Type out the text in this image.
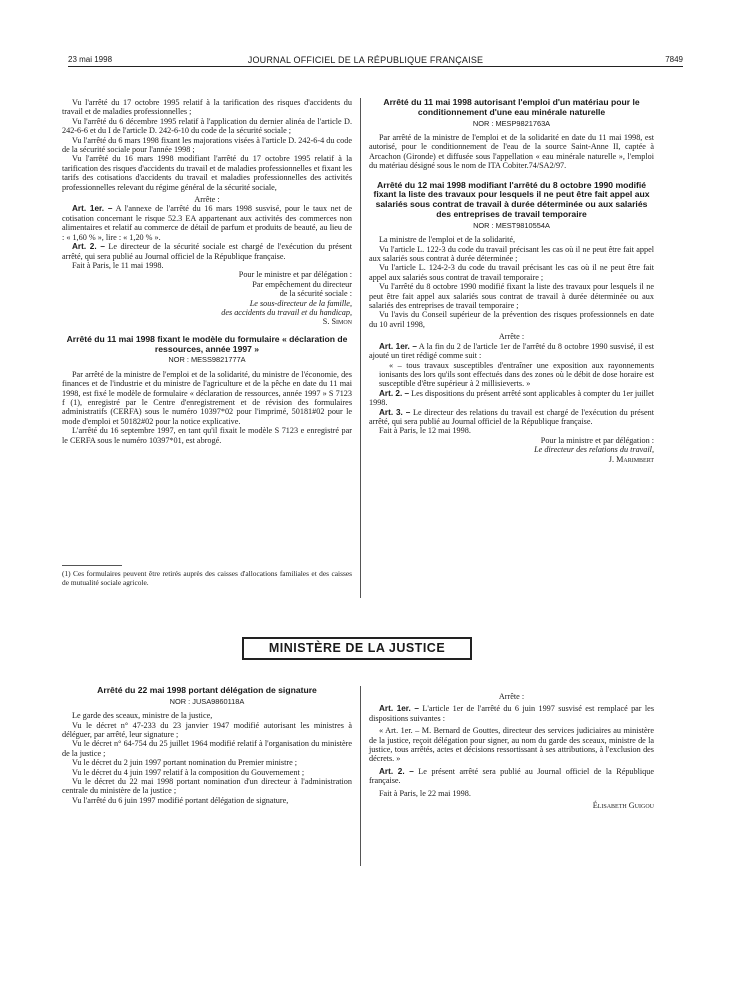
23 mai 1998	JOURNAL OFFICIEL DE LA RÉPUBLIQUE FRANÇAISE	7849

Vu l'arrêté du 17 octobre 1995 relatif à la tarification des risques d'accidents du travail et de maladies professionnelles ;

Vu l'arrêté du 6 décembre 1995 relatif à l'application du dernier alinéa de l'article D. 242-6-6 et du I de l'article D. 242-6-10 du code de la sécurité sociale ;

Vu l'arrêté du 6 mars 1998 fixant les majorations visées à l'article D. 242-6-4 du code de la sécurité sociale pour l'année 1998 ;

Vu l'arrêté du 16 mars 1998 modifiant l'arrêté du 17 octobre 1995 relatif à la tarification des risques d'accidents du travail et de maladies professionnelles et fixant les tarifs des cotisations d'accidents du travail et maladies professionnelles des activités professionnelles relevant du régime général de la sécurité sociale,

Arrête :

Art. 1er. – A l'annexe de l'arrêté du 16 mars 1998 susvisé, pour le taux net de cotisation concernant le risque 52.3 EA appartenant aux activités des commerces non alimentaires et relatif au commerce de détail de parfum et produits de beauté, au lieu de : « 1,60 % », lire : « 1,20 % ».

Art. 2. – Le directeur de la sécurité sociale est chargé de l'exécution du présent arrêté, qui sera publié au Journal officiel de la République française.

Fait à Paris, le 11 mai 1998.

Pour le ministre et par délégation :

Par empêchement du directeur

de la sécurité sociale :

Le sous-directeur de la famille,

des accidents du travail et du handicap,

S. Simon

Arrêté du 11 mai 1998 fixant le modèle du formulaire « déclaration de ressources, année 1997 »
NOR : MESS9821777A

Par arrêté de la ministre de l'emploi et de la solidarité, du ministre de l'économie, des finances et de l'industrie et du ministre de l'agriculture et de la pêche en date du 11 mai 1998, est fixé le modèle de formulaire « déclaration de ressources, année 1997 » S 7123 f (1), enregistré par le Centre d'enregistrement et de révision des formulaires administratifs (CERFA) sous le numéro 10397*02 pour l'imprimé, 50181#02 pour le mode d'emploi et 50182#02 pour la notice explicative.

L'arrêté du 16 septembre 1997, en tant qu'il fixait le modèle S 7123 e enregistré par le CERFA sous le numéro 10397*01, est abrogé.

(1) Ces formulaires peuvent être retirés auprès des caisses d'allocations familiales et des caisses de mutualité sociale agricole.
Arrêté du 11 mai 1998 autorisant l'emploi d'un matériau pour le conditionnement d'une eau minérale naturelle
NOR : MESP9821763A

Par arrêté de la ministre de l'emploi et de la solidarité en date du 11 mai 1998, est autorisé, pour le conditionnement de l'eau de la source Saint-Anne II, captée à Arcachon (Gironde) et diffusée sous l'appellation « eau minérale naturelle », l'emploi du matériau désigné sous le nom de ITA Cobiter.74/SA2/97.

Arrêté du 12 mai 1998 modifiant l'arrêté du 8 octobre 1990 modifié fixant la liste des travaux pour lesquels il ne peut être fait appel aux salariés sous contrat de travail à durée déterminée ou aux salariés des entreprises de travail temporaire
NOR : MEST9810554A

La ministre de l'emploi et de la solidarité,

Vu l'article L. 122-3 du code du travail précisant les cas où il ne peut être fait appel aux salariés sous contrat à durée déterminée ;

Vu l'article L. 124-2-3 du code du travail précisant les cas où il ne peut être fait appel aux salariés sous contrat de travail temporaire ;

Vu l'arrêté du 8 octobre 1990 modifié fixant la liste des travaux pour lesquels il ne peut être fait appel aux salariés sous contrat de travail à durée déterminée ou aux salariés des entreprises de travail temporaire ;

Vu l'avis du Conseil supérieur de la prévention des risques professionnels en date du 10 avril 1998,

Arrête :

Art. 1er. – A la fin du 2 de l'article 1er de l'arrêté du 8 octobre 1990 susvisé, il est ajouté un tiret rédigé comme suit :

« – tous travaux susceptibles d'entraîner une exposition aux rayonnements ionisants des lors qu'ils sont effectués dans des zones où le débit de dose horaire est susceptible d'être supérieur à 2 millisieverts. »

Art. 2. – Les dispositions du présent arrêté sont applicables à compter du 1er juillet 1998.

Art. 3. – Le directeur des relations du travail est chargé de l'exécution du présent arrêté, qui sera publié au Journal officiel de la République française.

Fait à Paris, le 12 mai 1998.

Pour la ministre et par délégation :

Le directeur des relations du travail,

J. Marimbert

MINISTÈRE DE LA JUSTICE
Arrêté du 22 mai 1998 portant délégation de signature
NOR : JUSA9860118A

Le garde des sceaux, ministre de la justice,

Vu le décret n° 47-233 du 23 janvier 1947 modifié autorisant les ministres à déléguer, par arrêté, leur signature ;

Vu le décret n° 64-754 du 25 juillet 1964 modifié relatif à l'organisation du ministère de la justice ;

Vu le décret du 2 juin 1997 portant nomination du Premier ministre ;

Vu le décret du 4 juin 1997 relatif à la composition du Gouvernement ;

Vu le décret du 22 mai 1998 portant nomination d'un directeur à l'administration centrale du ministère de la justice ;

Vu l'arrêté du 6 juin 1997 modifié portant délégation de signature,

Arrête :

Art. 1er. – L'article 1er de l'arrêté du 6 juin 1997 susvisé est remplacé par les dispositions suivantes :

« Art. 1er. – M. Bernard de Gouttes, directeur des services judiciaires au ministère de la justice, reçoit délégation pour signer, au nom du garde des sceaux, ministre de la justice, tous arrêtés, actes et décisions ressortissant à ses attributions, à l'exclusion des décrets. »

Art. 2. – Le présent arrêté sera publié au Journal officiel de la République française.

Fait à Paris, le 22 mai 1998.

Élisabeth Guigou
